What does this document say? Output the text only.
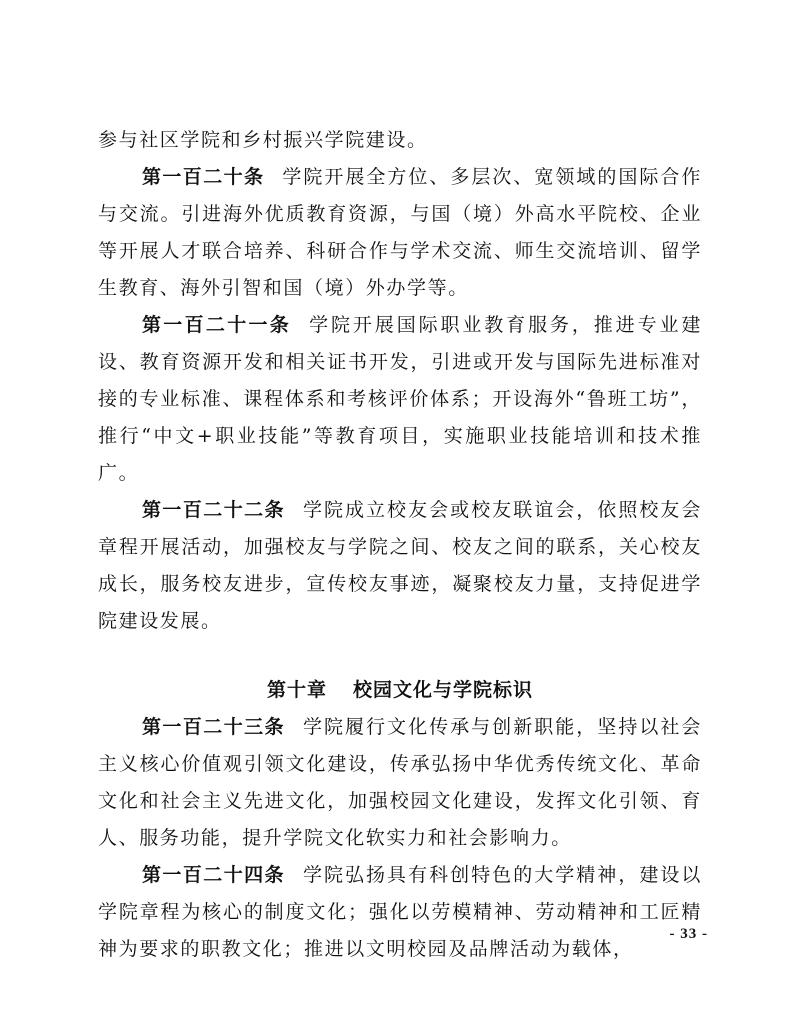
参与社区学院和乡村振兴学院建设。

第一百二十条 学院开展全方位、多层次、宽领域的国际合作与交流。引进海外优质教育资源，与国（境）外高水平院校、企业等开展人才联合培养、科研合作与学术交流、师生交流培训、留学生教育、海外引智和国（境）外办学等。

第一百二十一条 学院开展国际职业教育服务，推进专业建设、教育资源开发和相关证书开发，引进或开发与国际先进标准对接的专业标准、课程体系和考核评价体系；开设海外“鲁班工坊”，推行“中文+职业技能”等教育项目，实施职业技能培训和技术推广。

第一百二十二条 学院成立校友会或校友联谊会，依照校友会章程开展活动，加强校友与学院之间、校友之间的联系，关心校友成长，服务校友进步，宣传校友事迹，凝聚校友力量，支持促进学院建设发展。

第十章 校园文化与学院标识

第一百二十三条 学院履行文化传承与创新职能，坚持以社会主义核心价值观引领文化建设，传承弘扬中华优秀传统文化、革命文化和社会主义先进文化，加强校园文化建设，发挥文化引领、育人、服务功能，提升学院文化软实力和社会影响力。

第一百二十四条 学院弘扬具有科创特色的大学精神，建设以学院章程为核心的制度文化；强化以劳模精神、劳动精神和工匠精神为要求的职教文化；推进以文明校园及品牌活动为载体，

- 33 -
